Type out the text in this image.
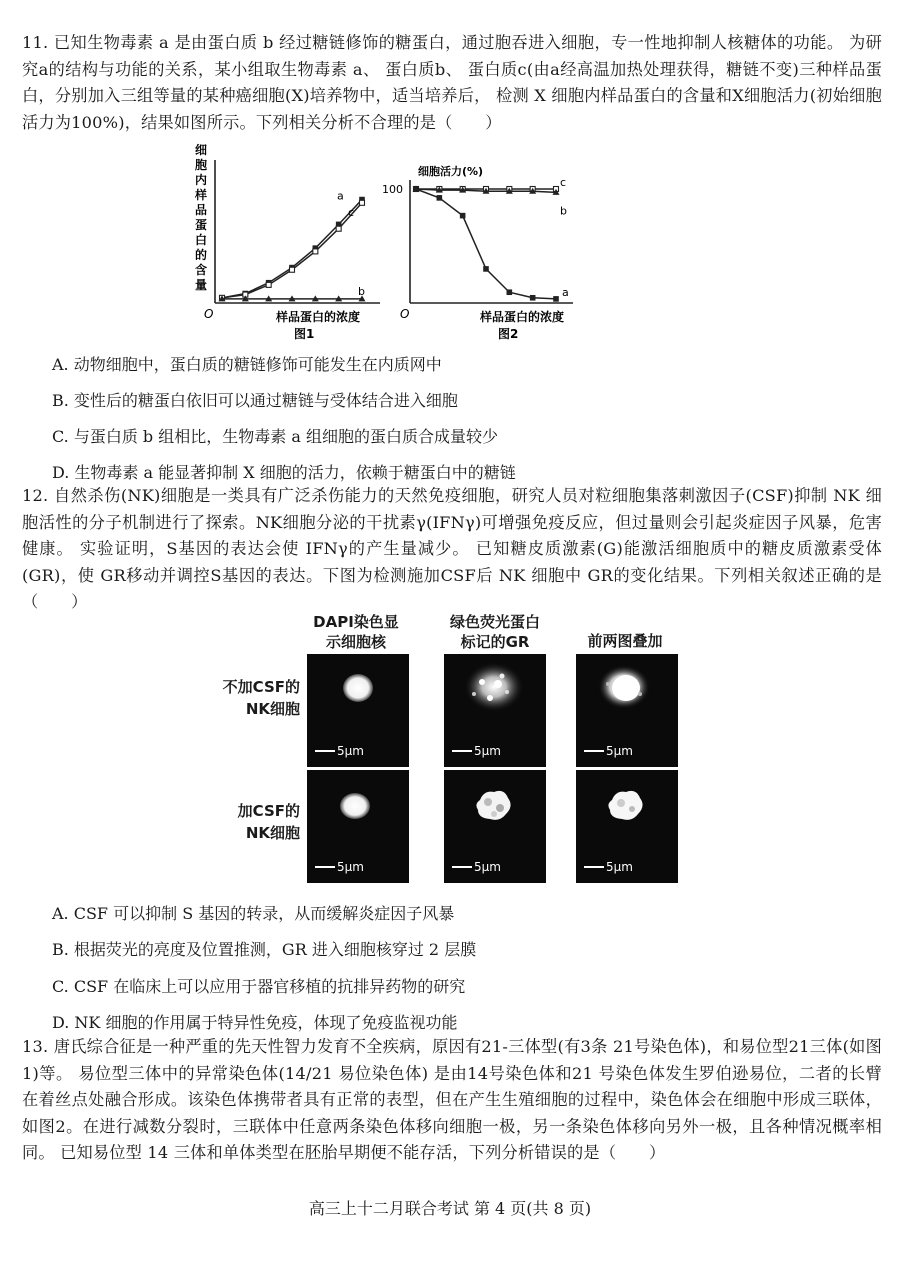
11. 已知生物毒素 a 是由蛋白质 b 经过糖链修饰的糖蛋白，通过胞吞进入细胞，专一性地抑制人核糖体的功能。 为研究a的结构与功能的关系，某小组取生物毒素 a、 蛋白质b、 蛋白质c(由a经高温加热处理获得，糖链不变)三种样品蛋白，分别加入三组等量的某种癌细胞(X)培养物中，适当培养后， 检测 X 细胞内样品蛋白的含量和X细胞活力(初始细胞活力为100%)，结果如图所示。下列相关分析不合理的是（　　）
细
胞
内
样
品
蛋
白
的
含
量
O
a
c
b
样品蛋白的浓度
图1
细胞活力(%)
100
O
c
b
a
样品蛋白的浓度
图2
A. 动物细胞中，蛋白质的糖链修饰可能发生在内质网中
B. 变性后的糖蛋白依旧可以通过糖链与受体结合进入细胞
C. 与蛋白质 b 组相比，生物毒素 a 组细胞的蛋白质合成量较少
D. 生物毒素 a 能显著抑制 X 细胞的活力，依赖于糖蛋白中的糖链
12. 自然杀伤(NK)细胞是一类具有广泛杀伤能力的天然免疫细胞，研究人员对粒细胞集落刺激因子(CSF)抑制 NK 细胞活性的分子机制进行了探索。NK细胞分泌的干扰素γ(IFNγ)可增强免疫反应，但过量则会引起炎症因子风暴，危害健康。 实验证明，S基因的表达会使 IFNγ的产生量减少。 已知糖皮质激素(G)能激活细胞质中的糖皮质激素受体(GR)，使 GR移动并调控S基因的表达。下图为检测施加CSF后 NK 细胞中 GR的变化结果。下列相关叙述正确的是（　　）
DAPI染色显
示细胞核
绿色荧光蛋白
标记的GR	前两图叠加
不加CSF的
NK细胞
加CSF的
NK细胞
5μm	5μm	5μm
5μm	5μm	5μm
A. CSF 可以抑制 S 基因的转录，从而缓解炎症因子风暴
B. 根据荧光的亮度及位置推测，GR 进入细胞核穿过 2 层膜
C. CSF 在临床上可以应用于器官移植的抗排异药物的研究
D. NK 细胞的作用属于特异性免疫，体现了免疫监视功能
13. 唐氏综合征是一种严重的先天性智力发育不全疾病，原因有21-三体型(有3条 21号染色体)，和易位型21三体(如图1)等。 易位型三体中的异常染色体(14/21 易位染色体) 是由14号染色体和21 号染色体发生罗伯逊易位，二者的长臂在着丝点处融合形成。该染色体携带者具有正常的表型，但在产生生殖细胞的过程中，染色体会在细胞中形成三联体，如图2。在进行减数分裂时，三联体中任意两条染色体移向细胞一极，另一条染色体移向另外一极，且各种情况概率相同。 已知易位型 14 三体和单体类型在胚胎早期便不能存活，下列分析错误的是（　　）
高三上十二月联合考试 第 4 页(共 8 页)
